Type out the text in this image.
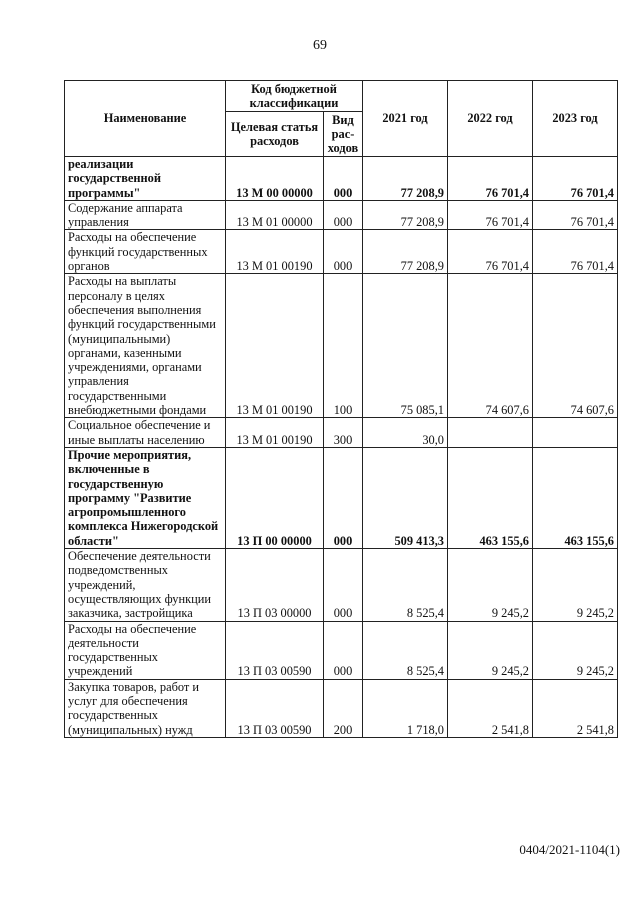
69
Наименование	Код бюджетной классификации		2021 год	2022 год	2023 год
	Целевая статья расходов	Вид рас-ходов			
реализации государственной программы"	13 М 00 00000	000	77 208,9	76 701,4	76 701,4
Содержание аппарата управления	13 М 01 00000	000	77 208,9	76 701,4	76 701,4
Расходы на обеспечение функций государственных органов	13 М 01 00190	000	77 208,9	76 701,4	76 701,4
Расходы на выплаты персоналу в целях обеспечения выполнения функций государственными (муниципальными) органами, казенными учреждениями, органами управления государственными внебюджетными фондами	13 М 01 00190	100	75 085,1	74 607,6	74 607,6
Социальное обеспечение и иные выплаты населению	13 М 01 00190	300	30,0		
Прочие мероприятия, включенные в государственную программу "Развитие агропромышленного комплекса Нижегородской области"	13 П 00 00000	000	509 413,3	463 155,6	463 155,6
Обеспечение деятельности подведомственных учреждений, осуществляющих функции заказчика, застройщика	13 П 03 00000	000	8 525,4	9 245,2	9 245,2
Расходы на обеспечение деятельности государственных учреждений	13 П 03 00590	000	8 525,4	9 245,2	9 245,2
Закупка товаров, работ и услуг для обеспечения государственных (муниципальных) нужд	13 П 03 00590	200	1 718,0	2 541,8	2 541,8
0404/2021-1104(1)
